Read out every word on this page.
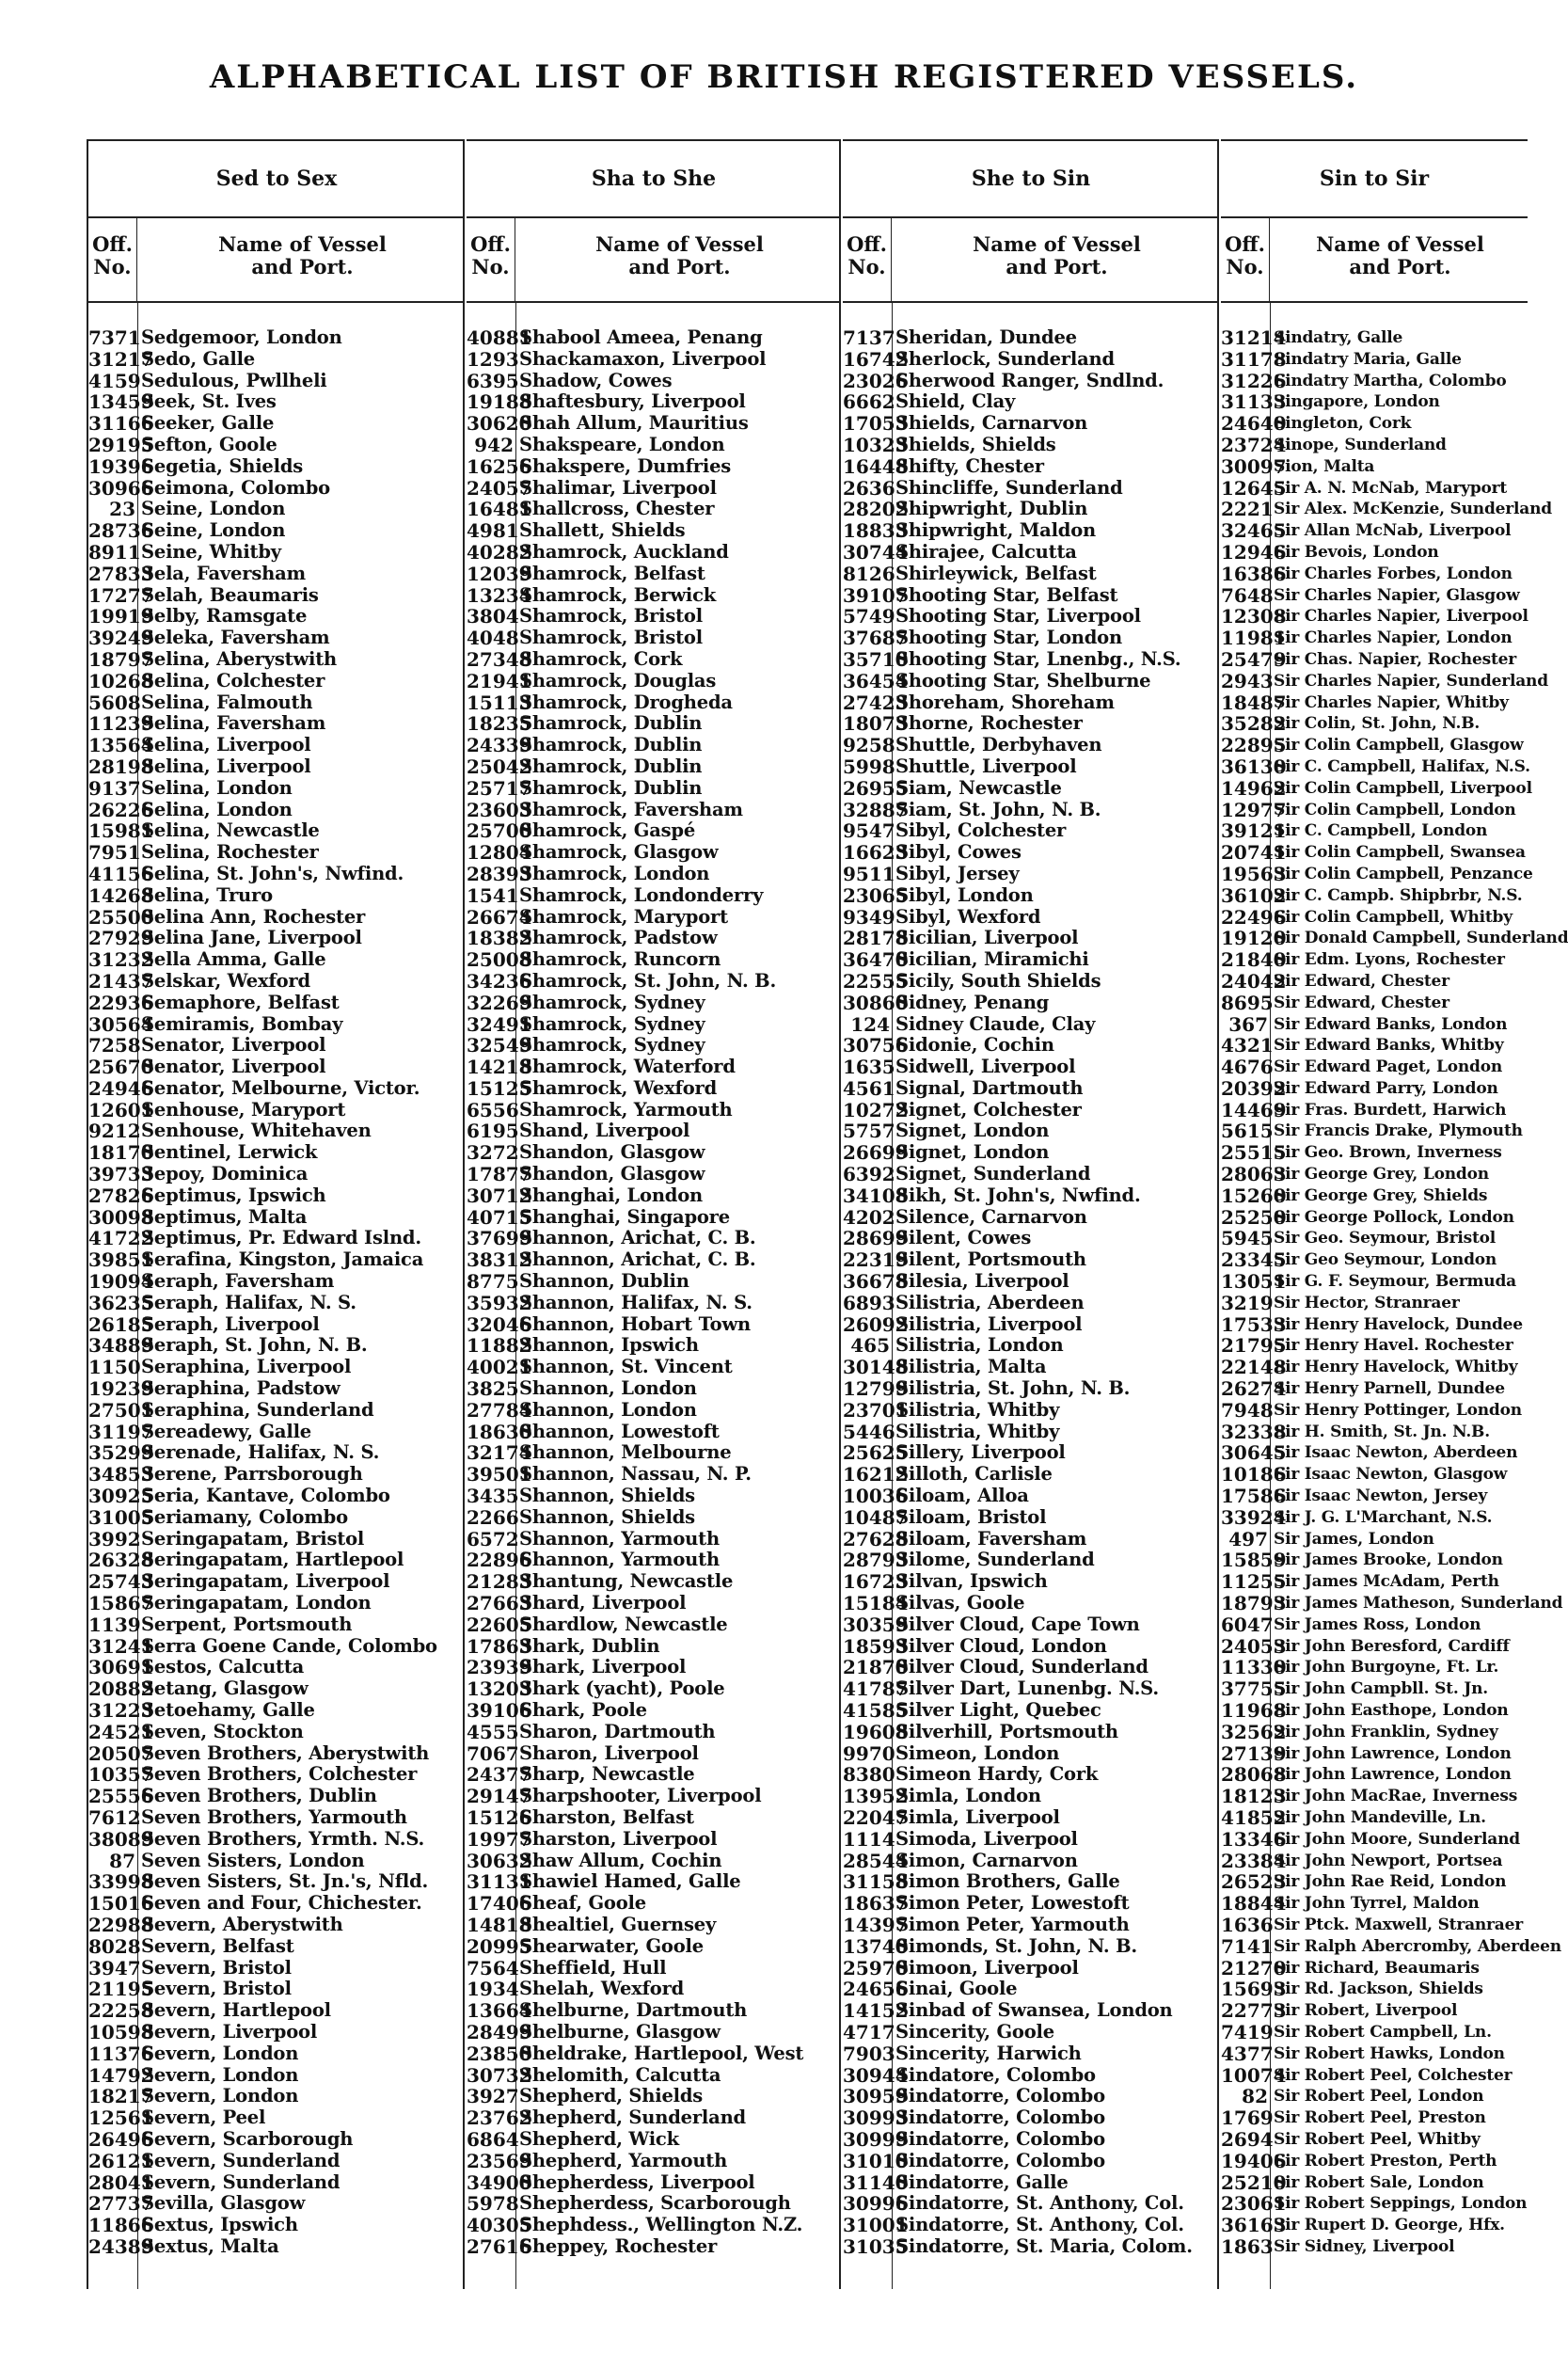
ALPHABETICAL LIST OF BRITISH REGISTERED VESSELS.
Sed to Sex
Off.
No.
Name of Vessel
and Port.
7371 Sedgemoor, London
31217
Sedo, Galle
4159 Sedulous, Pwllheli
13459
Seek, St. Ives
31166
Seeker, Galle
29195
Sefton, Goole
19396
Segetia, Shields
30966
Seimona, Colombo
23 Seine, London
28736
Seine, London
8911 Seine, Whitby
27833
Sela, Faversham
17277
Selah, Beaumaris
19919
Selby, Ramsgate
39249
Seleka, Faversham
18797
Selina, Aberystwith
10268
Selina, Colchester
5608 Selina, Falmouth
11239
Selina, Faversham
13564
Selina, Liverpool
28198
Selina, Liverpool
9137 Selina, London
26226
Selina, London
15981
Selina, Newcastle
7951 Selina, Rochester
41156
Selina, St. John's, Nwfind.
14268
Selina, Truro
25500
Selina Ann, Rochester
27929
Selina Jane, Liverpool
31232
Sella Amma, Galle
21437
Selskar, Wexford
22936
Semaphore, Belfast
30564
Semiramis, Bombay
7258 Senator, Liverpool
25670
Senator, Liverpool
24946
Senator, Melbourne, Victor.
12601
Senhouse, Maryport
9212 Senhouse, Whitehaven
18170
Sentinel, Lerwick
39733
Sepoy, Dominica
27826
Septimus, Ipswich
30098
Septimus, Malta
41722
Septimus, Pr. Edward Islnd.
39851
Serafina, Kingston, Jamaica
19094
Seraph, Faversham
36235
Seraph, Halifax, N. S.
26185
Seraph, Liverpool
34889
Seraph, St. John, N. B.
1150 Seraphina, Liverpool
19239
Seraphina, Padstow
27501
Seraphina, Sunderland
31197
Sereadewy, Galle
35299
Serenade, Halifax, N. S.
34853
Serene, Parrsborough
30925
Seria, Kantave, Colombo
31005
Seriamany, Colombo
3992 Seringapatam, Bristol
26328
Seringapatam, Hartlepool
25743
Seringapatam, Liverpool
15867
Seringapatam, London
1139 Serpent, Portsmouth
31241
Serra Goene Cande, Colombo
30691
Sestos, Calcutta
20882
Setang, Glasgow
31223
Setoehamy, Galle
24521
Seven, Stockton
20507
Seven Brothers, Aberystwith
10357
Seven Brothers, Colchester
25556
Seven Brothers, Dublin
7612 Seven Brothers, Yarmouth
38089
Seven Brothers, Yrmth. N.S.
87 Seven Sisters, London
33998
Seven Sisters, St. Jn.'s, Nfld.
15016
Seven and Four, Chichester.
22988
Severn, Aberystwith
8028 Severn, Belfast
3947 Severn, Bristol
21195
Severn, Bristol
22258
Severn, Hartlepool
10598
Severn, Liverpool
11376
Severn, London
14792
Severn, London
18217
Severn, London
12561
Severn, Peel
26496
Severn, Scarborough
26121
Severn, Sunderland
28041
Severn, Sunderland
27737
Sevilla, Glasgow
11866
Sextus, Ipswich
24389
Sextus, Malta
Sha to She
Off.
No.
Name of Vessel
and Port.
40881
Shabool Ameea, Penang
1293 Shackamaxon, Liverpool
6395 Shadow, Cowes
19188
Shaftesbury, Liverpool
30620
Shah Allum, Mauritius
942 Shakspeare, London
16256
Shakspere, Dumfries
24057
Shalimar, Liverpool
16481
Shallcross, Chester
4981 Shallett, Shields
40282
Shamrock, Auckland
12039
Shamrock, Belfast
13234
Shamrock, Berwick
3804 Shamrock, Bristol
4048 Shamrock, Bristol
27348
Shamrock, Cork
21941
Shamrock, Douglas
15113
Shamrock, Drogheda
18235
Shamrock, Dublin
24339
Shamrock, Dublin
25042
Shamrock, Dublin
25717
Shamrock, Dublin
23603
Shamrock, Faversham
25700
Shamrock, Gaspé
12804
Shamrock, Glasgow
28393
Shamrock, London
1541 Shamrock, Londonderry
26674
Shamrock, Maryport
18382
Shamrock, Padstow
25008
Shamrock, Runcorn
34236
Shamrock, St. John, N. B.
32269
Shamrock, Sydney
32491
Shamrock, Sydney
32549
Shamrock, Sydney
14218
Shamrock, Waterford
15125
Shamrock, Wexford
6556 Shamrock, Yarmouth
6195 Shand, Liverpool
3272 Shandon, Glasgow
17877
Shandon, Glasgow
30712
Shanghai, London
40715
Shanghai, Singapore
37699
Shannon, Arichat, C. B.
38312
Shannon, Arichat, C. B.
8775 Shannon, Dublin
35932
Shannon, Halifax, N. S.
32046
Shannon, Hobart Town
11882
Shannon, Ipswich
40021
Shannon, St. Vincent
3825 Shannon, London
27784
Shannon, London
18630
Shannon, Lowestoft
32174
Shannon, Melbourne
39501
Shannon, Nassau, N. P.
3435 Shannon, Shields
2266 Shannon, Shields
6572 Shannon, Yarmouth
22896
Shannon, Yarmouth
21283
Shantung, Newcastle
27663
Shard, Liverpool
22605
Shardlow, Newcastle
17863
Shark, Dublin
23939
Shark, Liverpool
13203
Shark (yacht), Poole
39106
Shark, Poole
4555 Sharon, Dartmouth
7067 Sharon, Liverpool
24377
Sharp, Newcastle
29147
Sharpshooter, Liverpool
15126
Sharston, Belfast
19977
Sharston, Liverpool
30632
Shaw Allum, Cochin
31131
Shawiel Hamed, Galle
17406
Sheaf, Goole
14818
Shealtiel, Guernsey
20995
Shearwater, Goole
7564 Sheffield, Hull
1934 Shelah, Wexford
13664
Shelburne, Dartmouth
28499
Shelburne, Glasgow
23850
Sheldrake, Hartlepool, West
30732
Shelomith, Calcutta
3927 Shepherd, Shields
23762
Shepherd, Sunderland
6864 Shepherd, Wick
23569
Shepherd, Yarmouth
34900
Shepherdess, Liverpool
5978 Shepherdess, Scarborough
40305
Shephdess., Wellington N.Z.
27616
Sheppey, Rochester
She to Sin
Off.
No.
Name of Vessel
and Port.
7137 Sheridan, Dundee
16742
Sherlock, Sunderland
23026
Sherwood Ranger, Sndlnd.
6662 Shield, Clay
17053
Shields, Carnarvon
10323
Shields, Shields
16448
Shifty, Chester
2636 Shincliffe, Sunderland
28202
Shipwright, Dublin
18833
Shipwright, Maldon
30744
Shirajee, Calcutta
8126 Shirleywick, Belfast
39107
Shooting Star, Belfast
5749 Shooting Star, Liverpool
37687
Shooting Star, London
35710
Shooting Star, Lnenbg., N.S.
36454
Shooting Star, Shelburne
27423
Shoreham, Shoreham
18073
Shorne, Rochester
9258 Shuttle, Derbyhaven
5998 Shuttle, Liverpool
26955
Siam, Newcastle
32887
Siam, St. John, N. B.
9547 Sibyl, Colchester
16623
Sibyl, Cowes
9511 Sibyl, Jersey
23065
Sibyl, London
9349 Sibyl, Wexford
28178
Sicilian, Liverpool
36470
Sicilian, Miramichi
22555
Sicily, South Shields
30860
Sidney, Penang
124 Sidney Claude, Clay
30756
Sidonie, Cochin
1635 Sidwell, Liverpool
4561 Signal, Dartmouth
10272
Signet, Colchester
5757 Signet, London
26699
Signet, London
6392 Signet, Sunderland
34108
Sikh, St. John's, Nwfind.
4202 Silence, Carnarvon
28699
Silent, Cowes
22319
Silent, Portsmouth
36678
Silesia, Liverpool
6893 Silistria, Aberdeen
26092
Silistria, Liverpool
465 Silistria, London
30148
Silistria, Malta
12799
Silistria, St. John, N. B.
23701
Silistria, Whitby
5446 Silistria, Whitby
25625
Sillery, Liverpool
16212
Silloth, Carlisle
10036
Siloam, Alloa
10487
Siloam, Bristol
27628
Siloam, Faversham
28793
Silome, Sunderland
16723
Silvan, Ipswich
15184
Silvas, Goole
30359
Silver Cloud, Cape Town
18593
Silver Cloud, London
21870
Silver Cloud, Sunderland
41787
Silver Dart, Lunenbg. N.S.
41585
Silver Light, Quebec
19608
Silverhill, Portsmouth
9970 Simeon, London
8380 Simeon Hardy, Cork
13952
Simla, London
22047
Simla, Liverpool
1114 Simoda, Liverpool
28544
Simon, Carnarvon
31158
Simon Brothers, Galle
18637
Simon Peter, Lowestoft
14397
Simon Peter, Yarmouth
13740
Simonds, St. John, N. B.
25970
Simoon, Liverpool
24656
Sinai, Goole
14152
Sinbad of Swansea, London
4717 Sincerity, Goole
7903 Sincerity, Harwich
30944
Sindatore, Colombo
30959
Sindatorre, Colombo
30993
Sindatorre, Colombo
30999
Sindatorre, Colombo
31010
Sindatorre, Colombo
31140
Sindatorre, Galle
30996
Sindatorre, St. Anthony, Col.
31001
Sindatorre, St. Anthony, Col.
31035
Sindatorre, St. Maria, Colom.
Sin to Sir
Off.
No.
Name of Vessel
and Port.
31214
Sindatry, Galle
31178
Sindatry Maria, Galle
31226
Sindatry Martha, Colombo
31133
Singapore, London
24640
Singleton, Cork
23724
Sinope, Sunderland
30097
Sion, Malta
12645
Sir A. N. McNab, Maryport
2221 Sir Alex. McKenzie, Sunderland
32465
Sir Allan McNab, Liverpool
12946
Sir Bevois, London
16386
Sir Charles Forbes, London
7648 Sir Charles Napier, Glasgow
12308
Sir Charles Napier, Liverpool
11981
Sir Charles Napier, London
25479
Sir Chas. Napier, Rochester
2943 Sir Charles Napier, Sunderland
18487
Sir Charles Napier, Whitby
35282
Sir Colin, St. John, N.B.
22895
Sir Colin Campbell, Glasgow
36130
Sir C. Campbell, Halifax, N.S.
14962
Sir Colin Campbell, Liverpool
12977
Sir Colin Campbell, London
39121
Sir C. Campbell, London
20741
Sir Colin Campbell, Swansea
19563
Sir Colin Campbell, Penzance
36102
Sir C. Campb. Shipbrbr, N.S.
22496
Sir Colin Campbell, Whitby
19120
Sir Donald Campbell, Sunderland
21840
Sir Edm. Lyons, Rochester
24042
Sir Edward, Chester
8695 Sir Edward, Chester
367 Sir Edward Banks, London
4321 Sir Edward Banks, Whitby
4676 Sir Edward Paget, London
20392
Sir Edward Parry, London
14469
Sir Fras. Burdett, Harwich
5615 Sir Francis Drake, Plymouth
25515
Sir Geo. Brown, Inverness
28063
Sir George Grey, London
15260
Sir George Grey, Shields
25250
Sir George Pollock, London
5945 Sir Geo. Seymour, Bristol
23345
Sir Geo Seymour, London
13051
Sir G. F. Seymour, Bermuda
3219 Sir Hector, Stranraer
17533
Sir Henry Havelock, Dundee
21795
Sir Henry Havel. Rochester
22148
Sir Henry Havelock, Whitby
26274
Sir Henry Parnell, Dundee
7948 Sir Henry Pottinger, London
32338
Sir H. Smith, St. Jn. N.B.
30645
Sir Isaac Newton, Aberdeen
10186
Sir Isaac Newton, Glasgow
17586
Sir Isaac Newton, Jersey
33924
Sir J. G. L'Marchant, N.S.
497 Sir James, London
15859
Sir James Brooke, London
11255
Sir James McAdam, Perth
18793
Sir James Matheson, Sunderland
6047 Sir James Ross, London
24053
Sir John Beresford, Cardiff
11330
Sir John Burgoyne, Ft. Lr.
37755
Sir John Campbll. St. Jn.
11968
Sir John Easthope, London
32562
Sir John Franklin, Sydney
27139
Sir John Lawrence, London
28068
Sir John Lawrence, London
18123
Sir John MacRae, Inverness
41852
Sir John Mandeville, Ln.
13346
Sir John Moore, Sunderland
23384
Sir John Newport, Portsea
26523
Sir John Rae Reid, London
18844
Sir John Tyrrel, Maldon
1636 Sir Ptck. Maxwell, Stranraer
7141 Sir Ralph Abercromby, Aberdeen
21270
Sir Richard, Beaumaris
15693
Sir Rd. Jackson, Shields
22773
Sir Robert, Liverpool
7419 Sir Robert Campbell, Ln.
4377 Sir Robert Hawks, London
10074
Sir Robert Peel, Colchester
82 Sir Robert Peel, London
1769 Sir Robert Peel, Preston
2694 Sir Robert Peel, Whitby
19406
Sir Robert Preston, Perth
25210
Sir Robert Sale, London
23061
Sir Robert Seppings, London
36163
Sir Rupert D. George, Hfx.
1863 Sir Sidney, Liverpool
